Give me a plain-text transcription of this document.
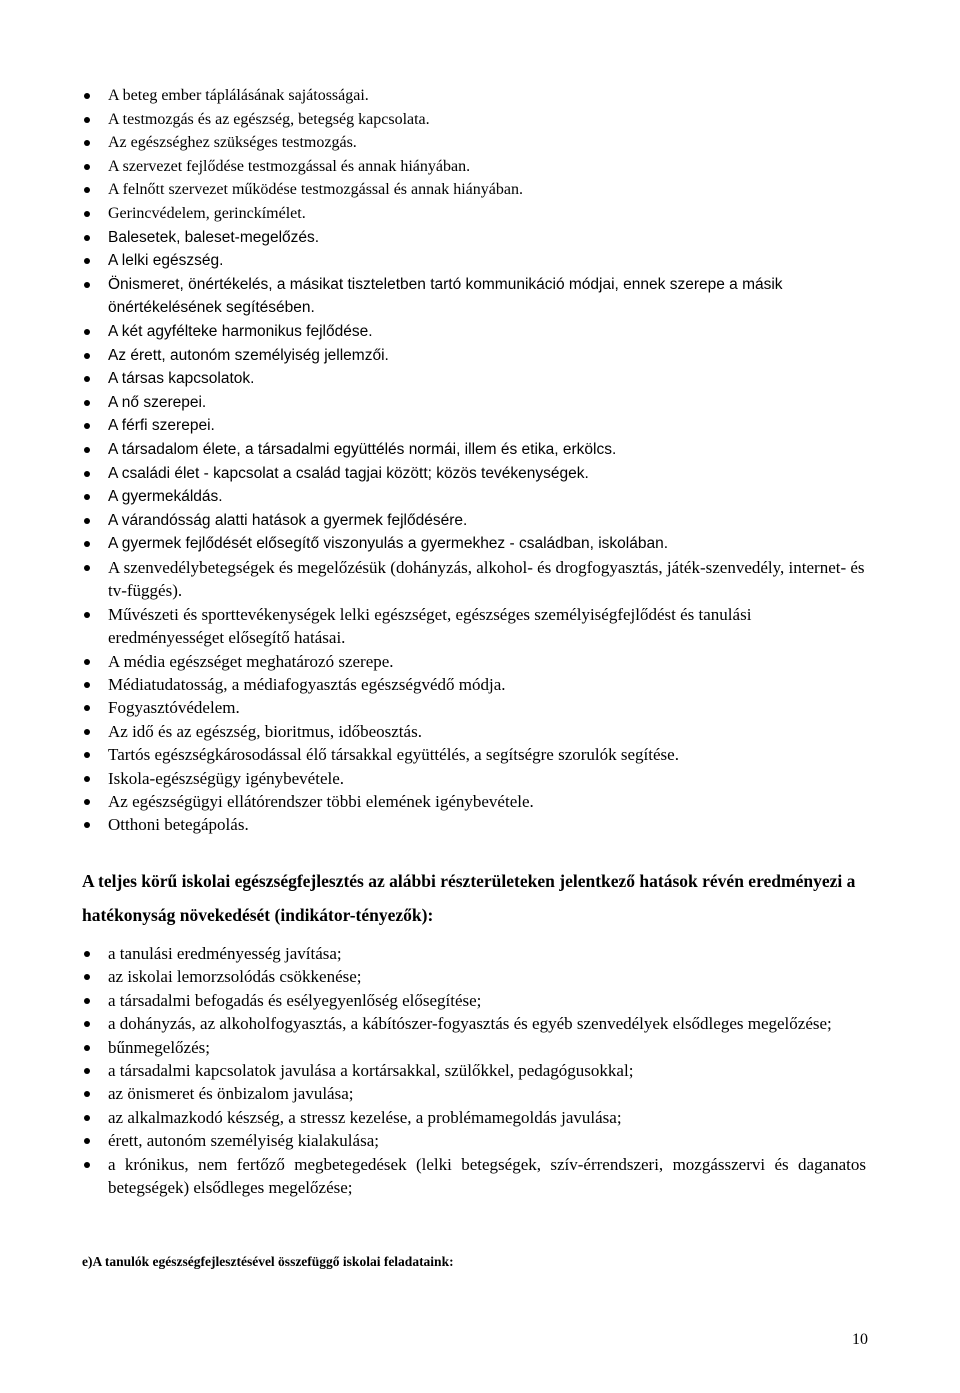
A beteg ember táplálásának sajátosságai.
A testmozgás és az egészség, betegség kapcsolata.
Az egészséghez szükséges testmozgás.
A szervezet fejlődése testmozgással és annak hiányában.
A felnőtt szervezet működése testmozgással és annak hiányában.
Gerincvédelem, gerinckímélet.
Balesetek, baleset-megelőzés.
A lelki egészség.
Önismeret, önértékelés, a másikat tiszteletben tartó kommunikáció módjai, ennek szerepe a másik önértékelésének segítésében.
A két agyfélteke harmonikus fejlődése.
Az érett, autonóm személyiség jellemzői.
A társas kapcsolatok.
A nő szerepei.
A férfi szerepei.
A társadalom élete, a társadalmi együttélés normái, illem és etika, erkölcs.
A családi élet - kapcsolat a család tagjai között; közös tevékenységek.
A gyermekáldás.
A várandósság alatti hatások a gyermek fejlődésére.
A gyermek fejlődését elősegítő viszonyulás a gyermekhez - családban, iskolában.
A szenvedélybetegségek és megelőzésük (dohányzás, alkohol- és drogfogyasztás, játék-szenvedély, internet- és tv-függés).
Művészeti és sporttevékenységek lelki egészséget, egészséges személyiségfejlődést és tanulási eredményességet elősegítő hatásai.
A média egészséget meghatározó szerepe.
Médiatudatosság, a médiafogyasztás egészségvédő módja.
Fogyasztóvédelem.
Az idő és az egészség, bioritmus, időbeosztás.
Tartós egészségkárosodással élő társakkal együttélés, a segítségre szorulók segítése.
Iskola-egészségügy igénybevétele.
Az egészségügyi ellátórendszer többi elemének igénybevétele.
Otthoni betegápolás.
A teljes körű iskolai egészségfejlesztés az alábbi részterületeken jelentkező hatások révén eredményezi a hatékonyság növekedését (indikátor-tényezők):
a tanulási eredményesség javítása;
az iskolai lemorzsolódás csökkenése;
a társadalmi befogadás és esélyegyenlőség elősegítése;
a dohányzás, az alkoholfogyasztás, a kábítószer-fogyasztás és egyéb szenvedélyek elsődleges megelőzése;
bűnmegelőzés;
a társadalmi kapcsolatok javulása a kortársakkal, szülőkkel, pedagógusokkal;
az önismeret és önbizalom javulása;
az alkalmazkodó készség, a stressz kezelése, a problémamegoldás javulása;
érett, autonóm személyiség kialakulása;
a krónikus, nem fertőző megbetegedések (lelki betegségek, szív-érrendszeri, mozgásszervi és daganatos betegségek) elsődleges megelőzése;
e)A tanulók egészségfejlesztésével összefüggő iskolai feladataink:
10
